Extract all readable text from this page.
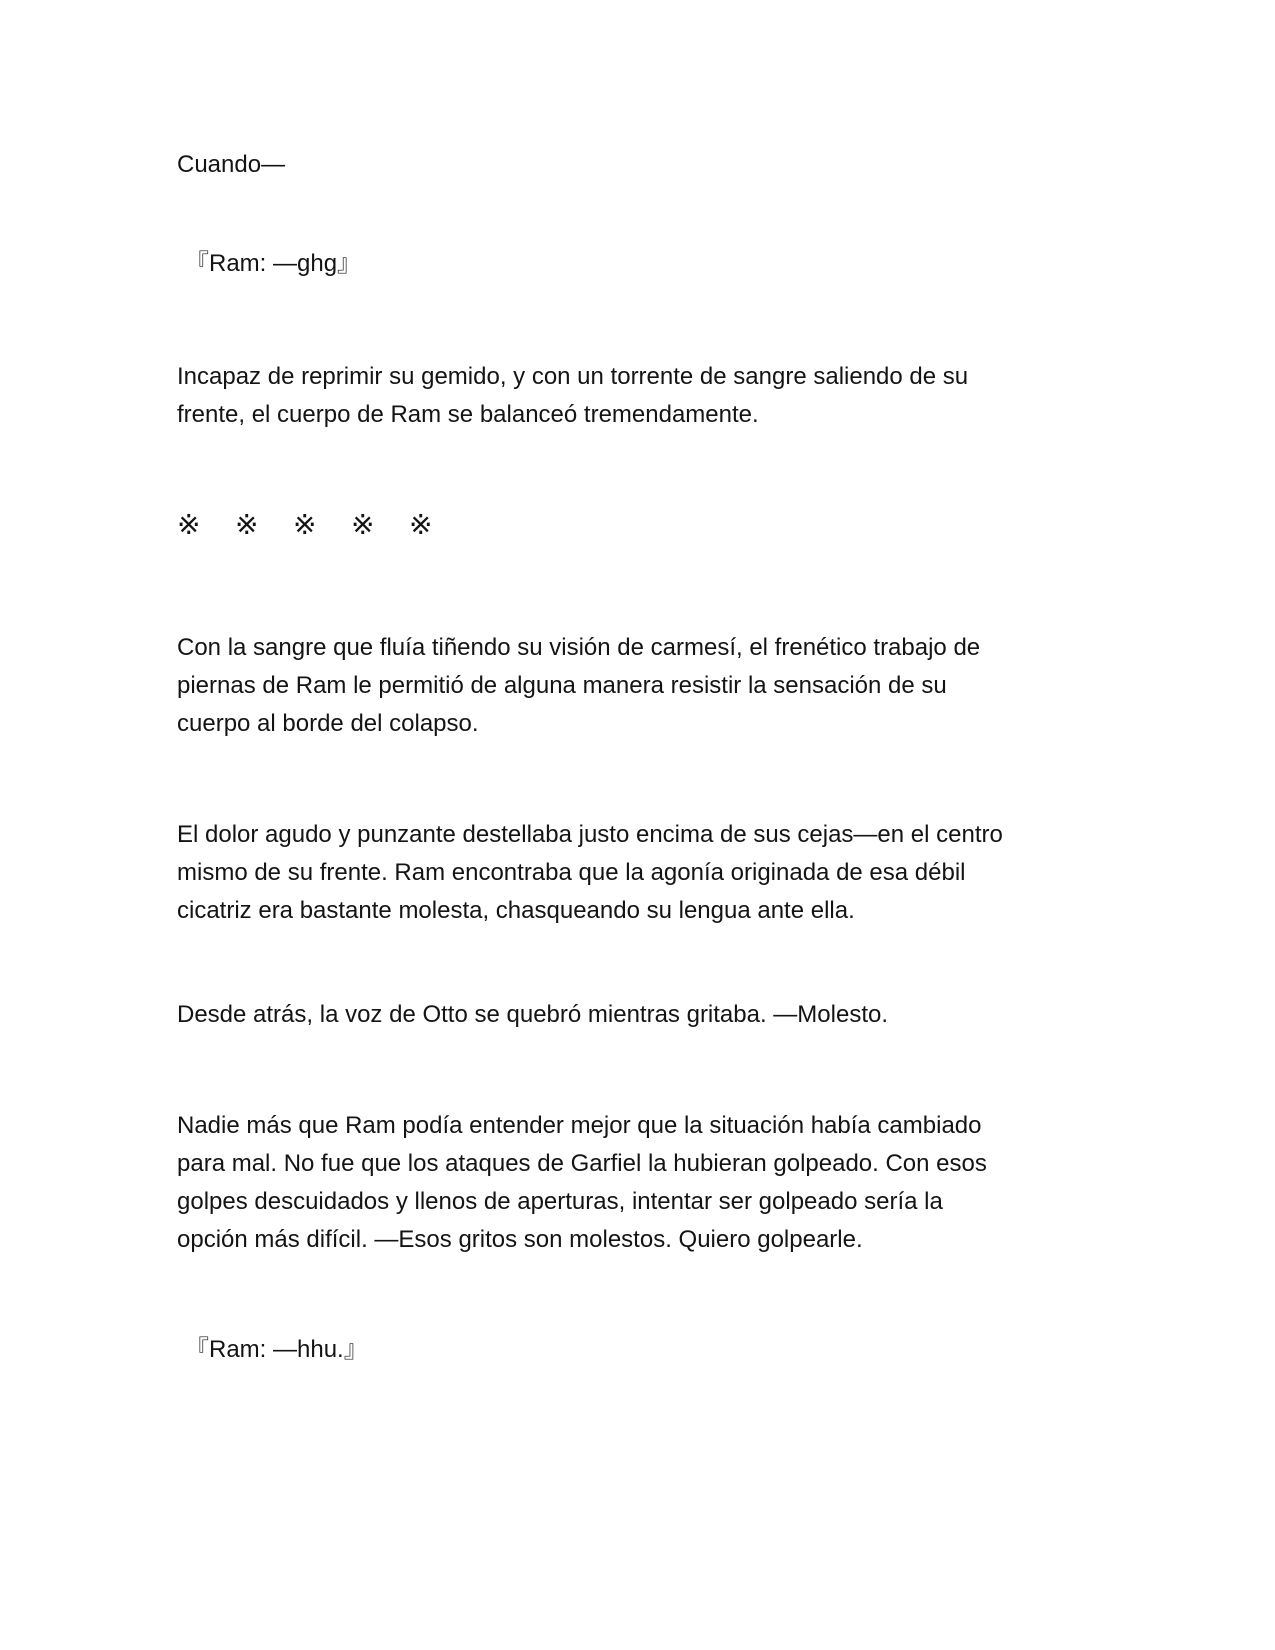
Cuando—

『Ram: —ghg』

Incapaz de reprimir su gemido, y con un torrente de sangre saliendo de su
frente, el cuerpo de Ram se balanceó tremendamente.

※ ※ ※ ※ ※

Con la sangre que fluía tiñendo su visión de carmesí, el frenético trabajo de
piernas de Ram le permitió de alguna manera resistir la sensación de su
cuerpo al borde del colapso.

El dolor agudo y punzante destellaba justo encima de sus cejas—en el centro
mismo de su frente. Ram encontraba que la agonía originada de esa débil
cicatriz era bastante molesta, chasqueando su lengua ante ella.

Desde atrás, la voz de Otto se quebró mientras gritaba. —Molesto.

Nadie más que Ram podía entender mejor que la situación había cambiado
para mal. No fue que los ataques de Garfiel la hubieran golpeado. Con esos
golpes descuidados y llenos de aperturas, intentar ser golpeado sería la
opción más difícil. —Esos gritos son molestos. Quiero golpearle.

『Ram: —hhu.』
